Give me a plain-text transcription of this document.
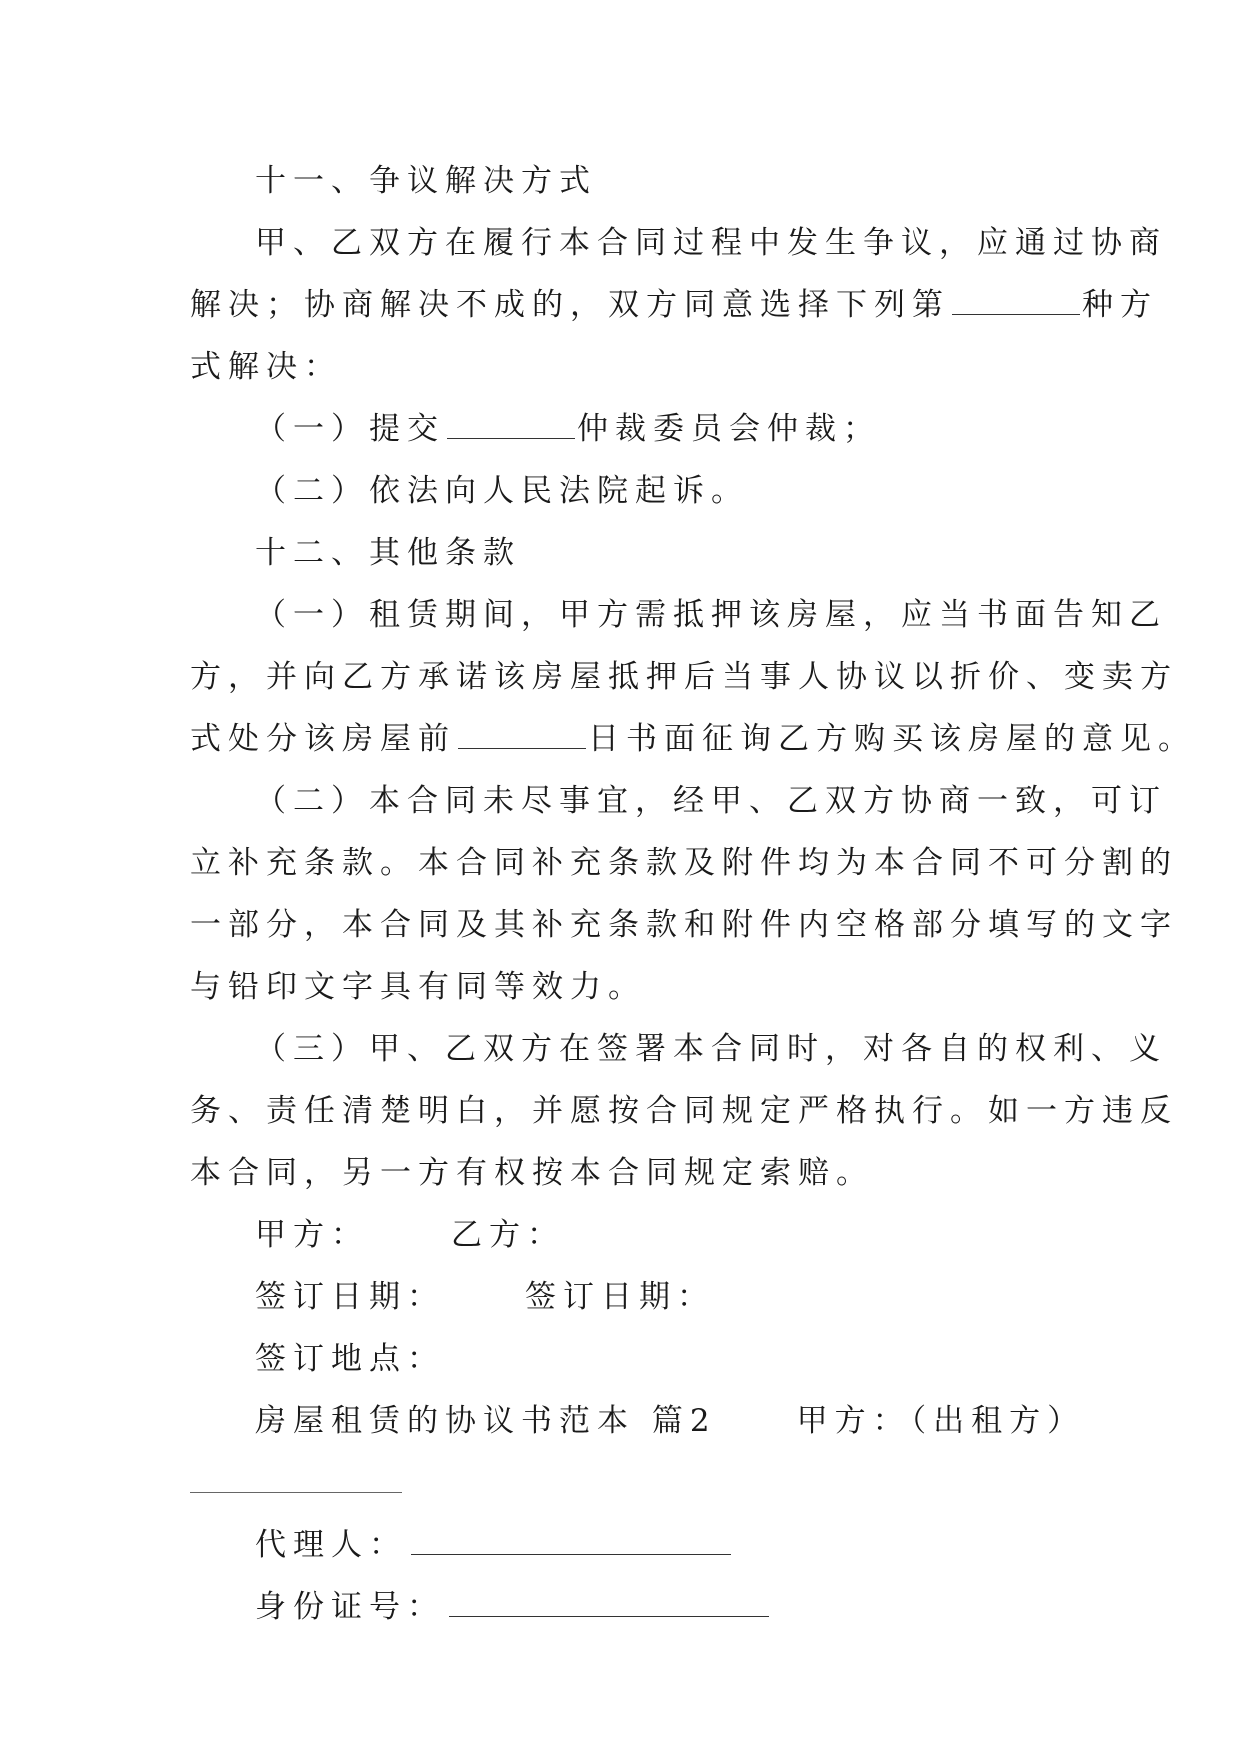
十一、争议解决方式
甲、乙双方在履行本合同过程中发生争议，应通过协商
解决；协商解决不成的，双方同意选择下列第	种方
式解决：
（一）提交	仲裁委员会仲裁；
（二）依法向人民法院起诉。
十二、其他条款
（一）租赁期间，甲方需抵押该房屋，应当书面告知乙
方，并向乙方承诺该房屋抵押后当事人协议以折价、变卖方
式处分该房屋前	日书面征询乙方购买该房屋的意见。
（二）本合同未尽事宜，经甲、乙双方协商一致，可订
立补充条款。本合同补充条款及附件均为本合同不可分割的
一部分，本合同及其补充条款和附件内空格部分填写的文字
与铅印文字具有同等效力。
（三）甲、乙双方在签署本合同时，对各自的权利、义
务、责任清楚明白，并愿按合同规定严格执行。如一方违反
本合同，另一方有权按本合同规定索赔。
甲方：	乙方：
签订日期：	签订日期：
签订地点：
房屋租赁的协议书范本 篇2	甲方：（出租方）
代理人：
身份证号：
